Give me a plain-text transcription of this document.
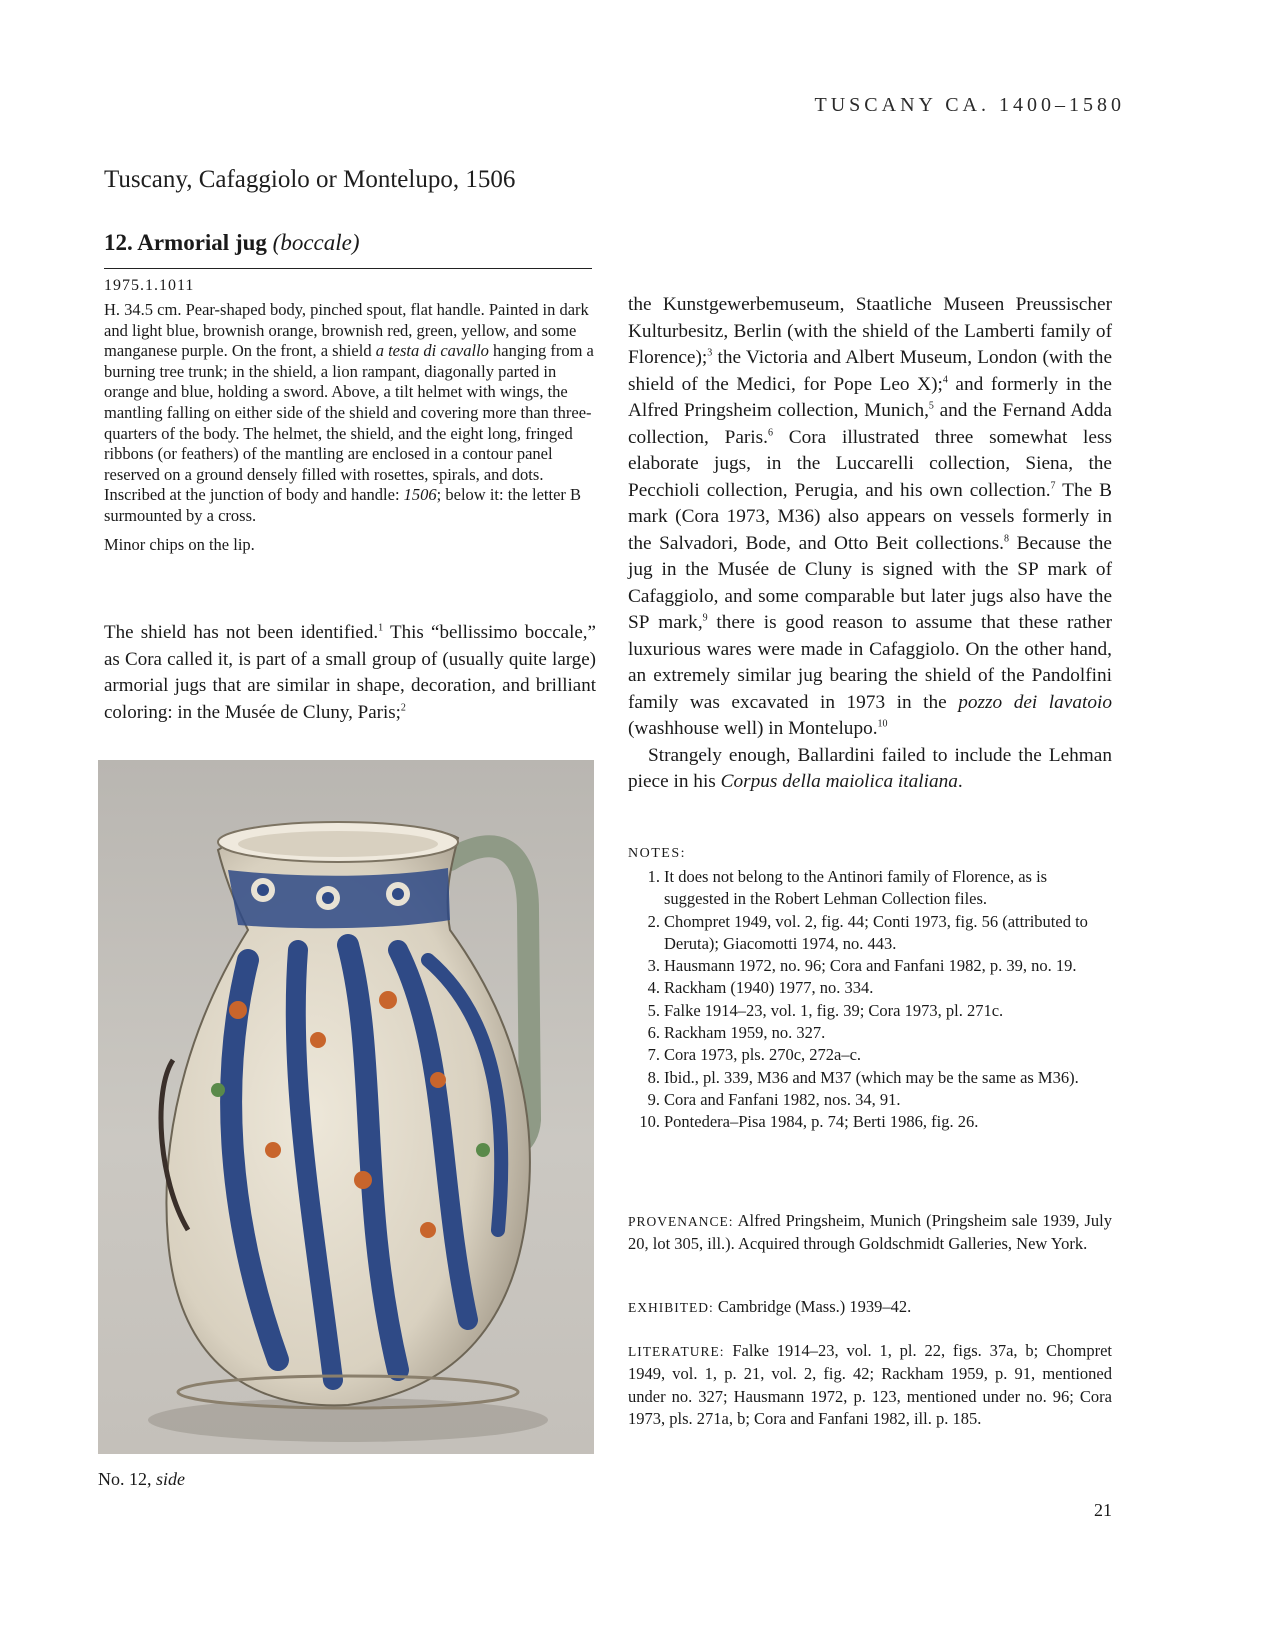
TUSCANY CA. 1400–1580
Tuscany, Cafaggiolo or Montelupo, 1506
12. Armorial jug (boccale)
1975.1.1011

H. 34.5 cm. Pear-shaped body, pinched spout, flat handle. Painted in dark and light blue, brownish orange, brownish red, green, yellow, and some manganese purple. On the front, a shield a testa di cavallo hanging from a burning tree trunk; in the shield, a lion rampant, diagonally parted in orange and blue, holding a sword. Above, a tilt helmet with wings, the mantling falling on either side of the shield and covering more than three-quarters of the body. The helmet, the shield, and the eight long, fringed ribbons (or feathers) of the mantling are enclosed in a contour panel reserved on a ground densely filled with rosettes, spirals, and dots. Inscribed at the junction of body and handle: 1506; below it: the letter B surmounted by a cross.

Minor chips on the lip.

The shield has not been identified.$^1$ This “bellissimo boccale,” as Cora called it, is part of a small group of (usually quite large) armorial jugs that are similar in shape, decoration, and brilliant coloring: in the Musée de Cluny, Paris;$^2$

No. 12, side

the Kunstgewerbemuseum, Staatliche Museen Preussischer Kulturbesitz, Berlin (with the shield of the Lamberti family of Florence);$^3$ the Victoria and Albert Museum, London (with the shield of the Medici, for Pope Leo X);$^4$ and formerly in the Alfred Pringsheim collection, Munich,$^5$ and the Fernand Adda collection, Paris.$^6$ Cora illustrated three somewhat less elaborate jugs, in the Luccarelli collection, Siena, the Pecchioli collection, Perugia, and his own collection.$^7$ The B mark (Cora 1973, M36) also appears on vessels formerly in the Salvadori, Bode, and Otto Beit collections.$^8$ Because the jug in the Musée de Cluny is signed with the SP mark of Cafaggiolo, and some comparable but later jugs also have the SP mark,$^9$ there is good reason to assume that these rather luxurious wares were made in Cafaggiolo. On the other hand, an extremely similar jug bearing the shield of the Pandolfini family was excavated in 1973 in the pozzo dei lavatoio (washhouse well) in Montelupo.$^{10}$

Strangely enough, Ballardini failed to include the Lehman piece in his Corpus della maiolica italiana.

NOTES:
1. It does not belong to the Antinori family of Florence, as is suggested in the Robert Lehman Collection files.
2. Chompret 1949, vol. 2, fig. 44; Conti 1973, fig. 56 (attributed to Deruta); Giacomotti 1974, no. 443.
3. Hausmann 1972, no. 96; Cora and Fanfani 1982, p. 39, no. 19.
4. Rackham (1940) 1977, no. 334.
5. Falke 1914–23, vol. 1, fig. 39; Cora 1973, pl. 271c.
6. Rackham 1959, no. 327.
7. Cora 1973, pls. 270c, 272a–c.
8. Ibid., pl. 339, M36 and M37 (which may be the same as M36).
9. Cora and Fanfani 1982, nos. 34, 91.
10. Pontedera–Pisa 1984, p. 74; Berti 1986, fig. 26.
PROVENANCE: Alfred Pringsheim, Munich (Pringsheim sale 1939, July 20, lot 305, ill.). Acquired through Goldschmidt Galleries, New York.
EXHIBITED: Cambridge (Mass.) 1939–42.
LITERATURE: Falke 1914–23, vol. 1, pl. 22, figs. 37a, b; Chompret 1949, vol. 1, p. 21, vol. 2, fig. 42; Rackham 1959, p. 91, mentioned under no. 327; Hausmann 1972, p. 123, mentioned under no. 96; Cora 1973, pls. 271a, b; Cora and Fanfani 1982, ill. p. 185.
21
